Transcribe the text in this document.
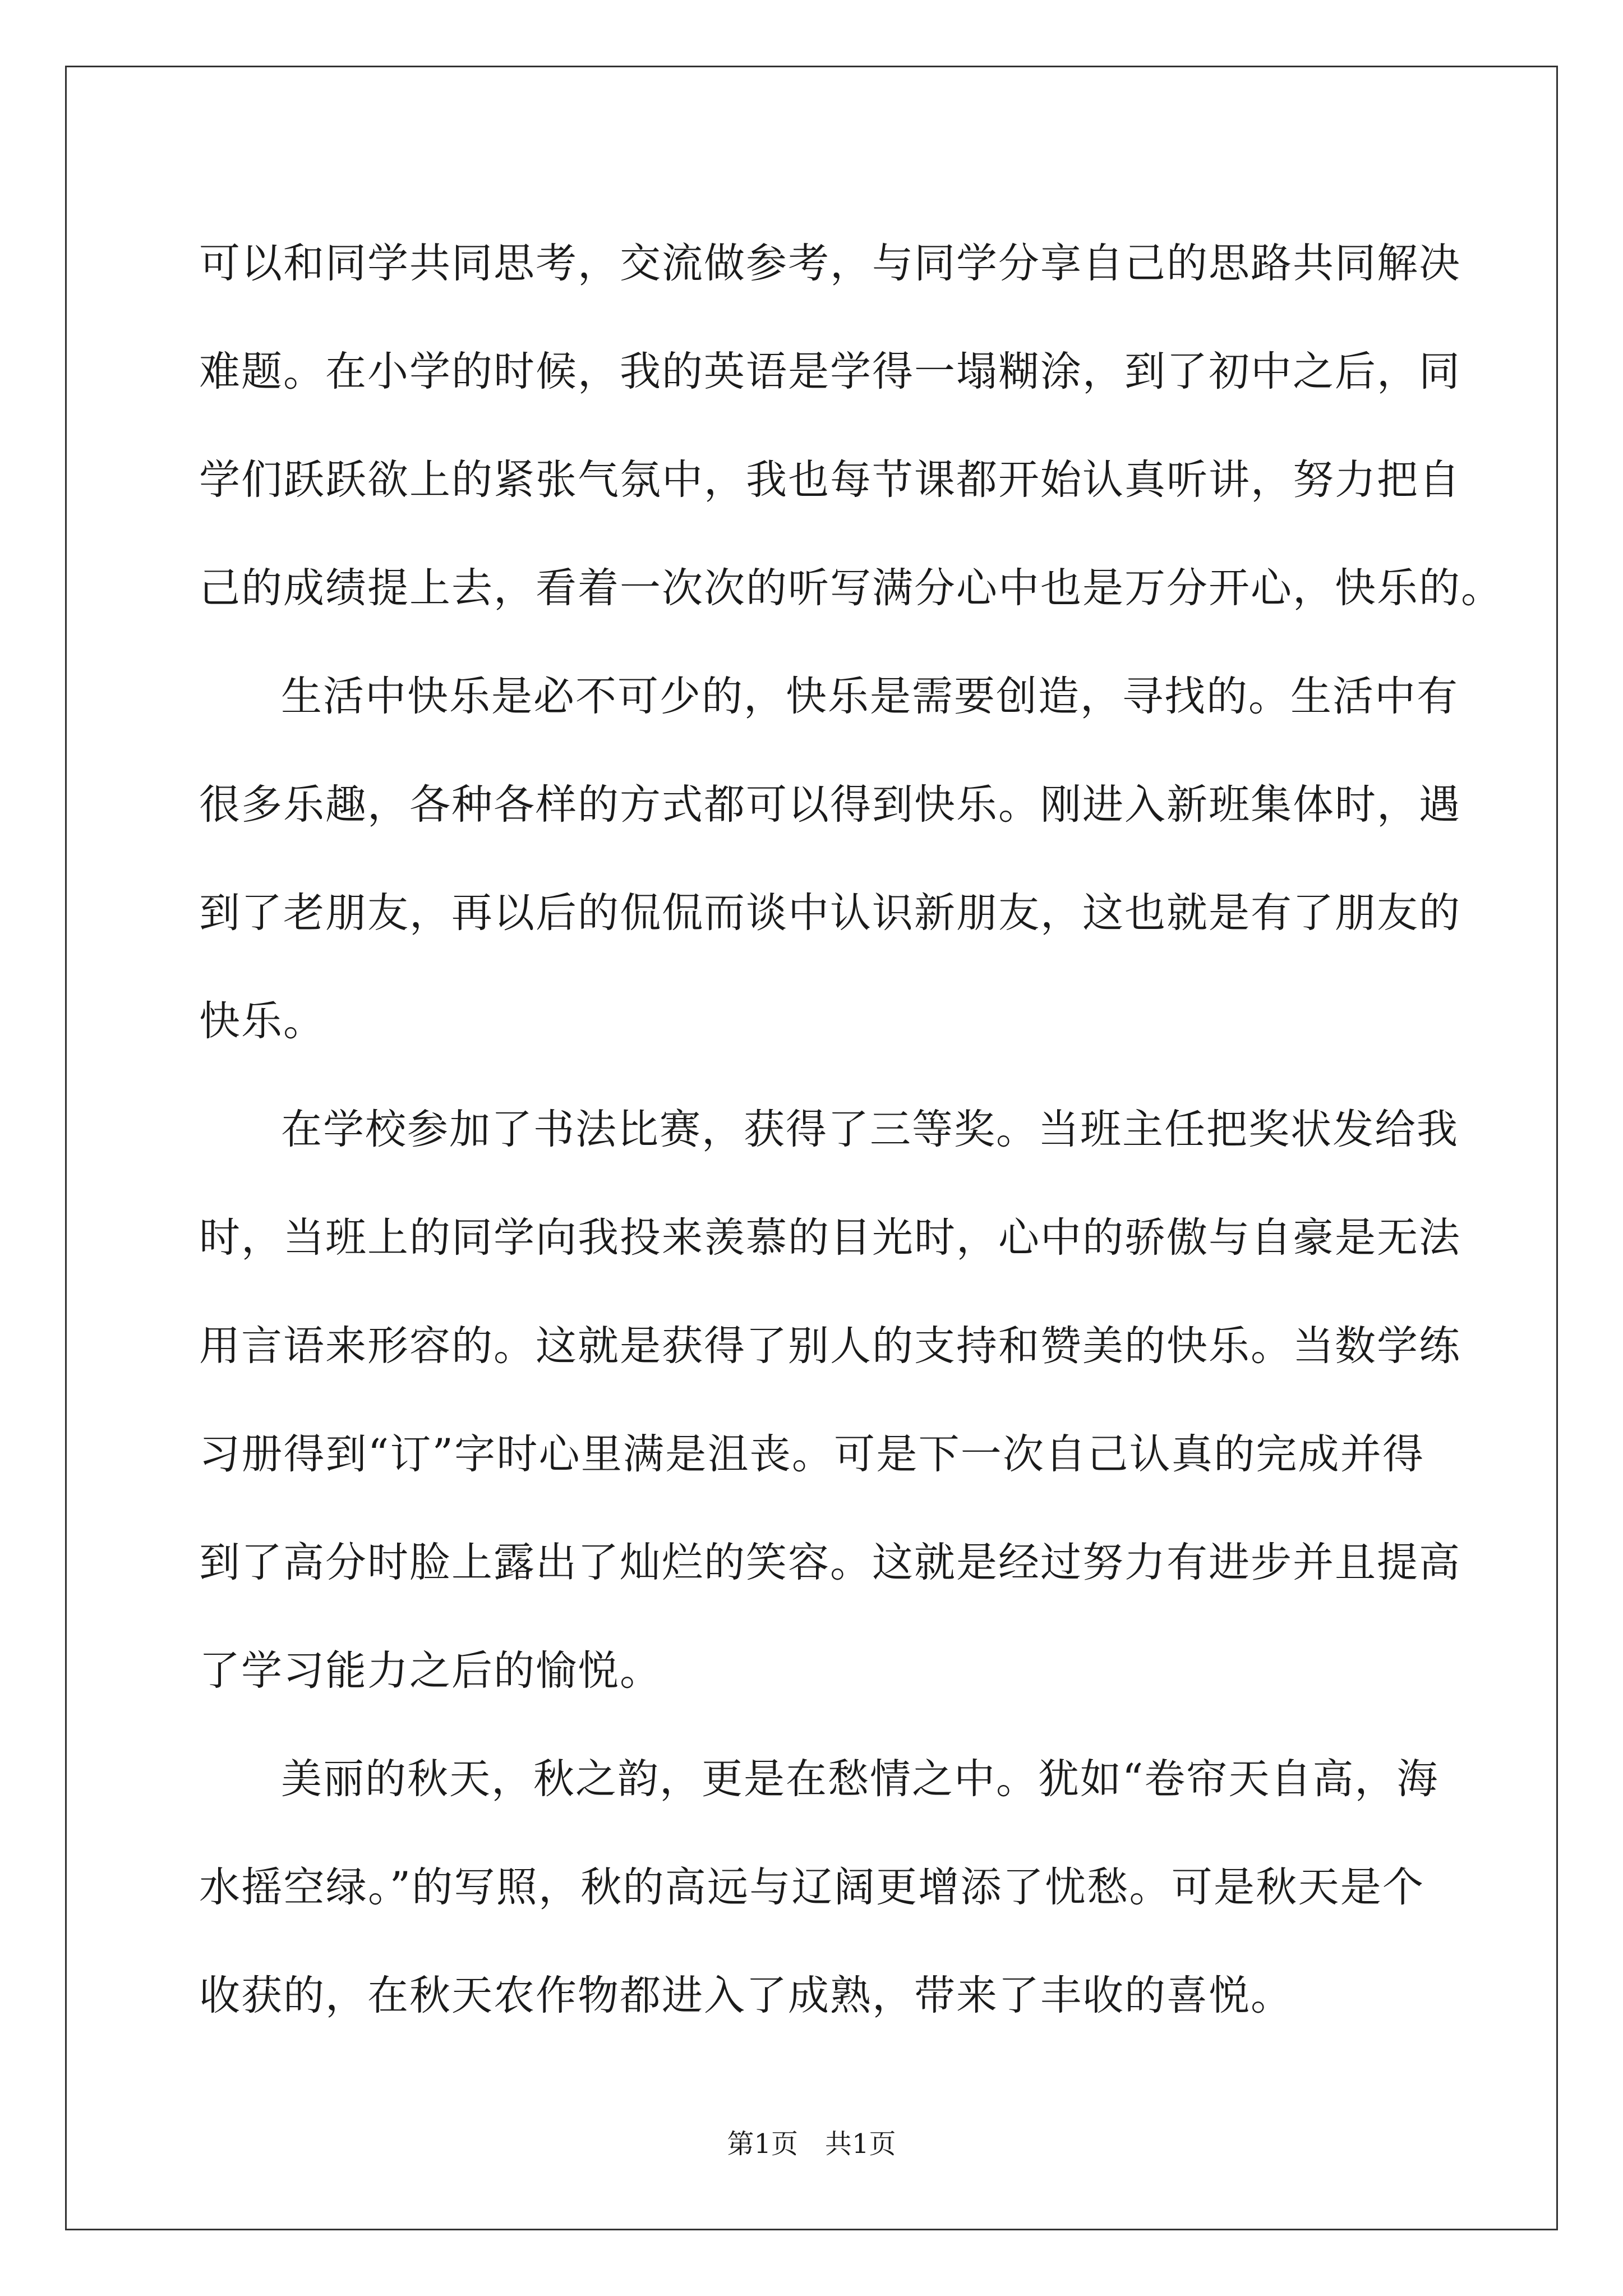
可以和同学共同思考，交流做参考，与同学分享自己的思路共同解决
难题。在小学的时候，我的英语是学得一塌糊涂，到了初中之后，同
学们跃跃欲上的紧张气氛中，我也每节课都开始认真听讲，努力把自
己的成绩提上去，看着一次次的听写满分心中也是万分开心，快乐的。
生活中快乐是必不可少的，快乐是需要创造，寻找的。生活中有
很多乐趣，各种各样的方式都可以得到快乐。刚进入新班集体时，遇
到了老朋友，再以后的侃侃而谈中认识新朋友，这也就是有了朋友的
快乐。
在学校参加了书法比赛，获得了三等奖。当班主任把奖状发给我
时，当班上的同学向我投来羡慕的目光时，心中的骄傲与自豪是无法
用言语来形容的。这就是获得了别人的支持和赞美的快乐。当数学练
习册得到“订”字时心里满是沮丧。可是下一次自己认真的完成并得
到了高分时脸上露出了灿烂的笑容。这就是经过努力有进步并且提高
了学习能力之后的愉悦。
美丽的秋天，秋之韵，更是在愁情之中。犹如“卷帘天自高，海
水摇空绿。”的写照，秋的高远与辽阔更增添了忧愁。可是秋天是个
收获的，在秋天农作物都进入了成熟，带来了丰收的喜悦。
第1页　共1页
